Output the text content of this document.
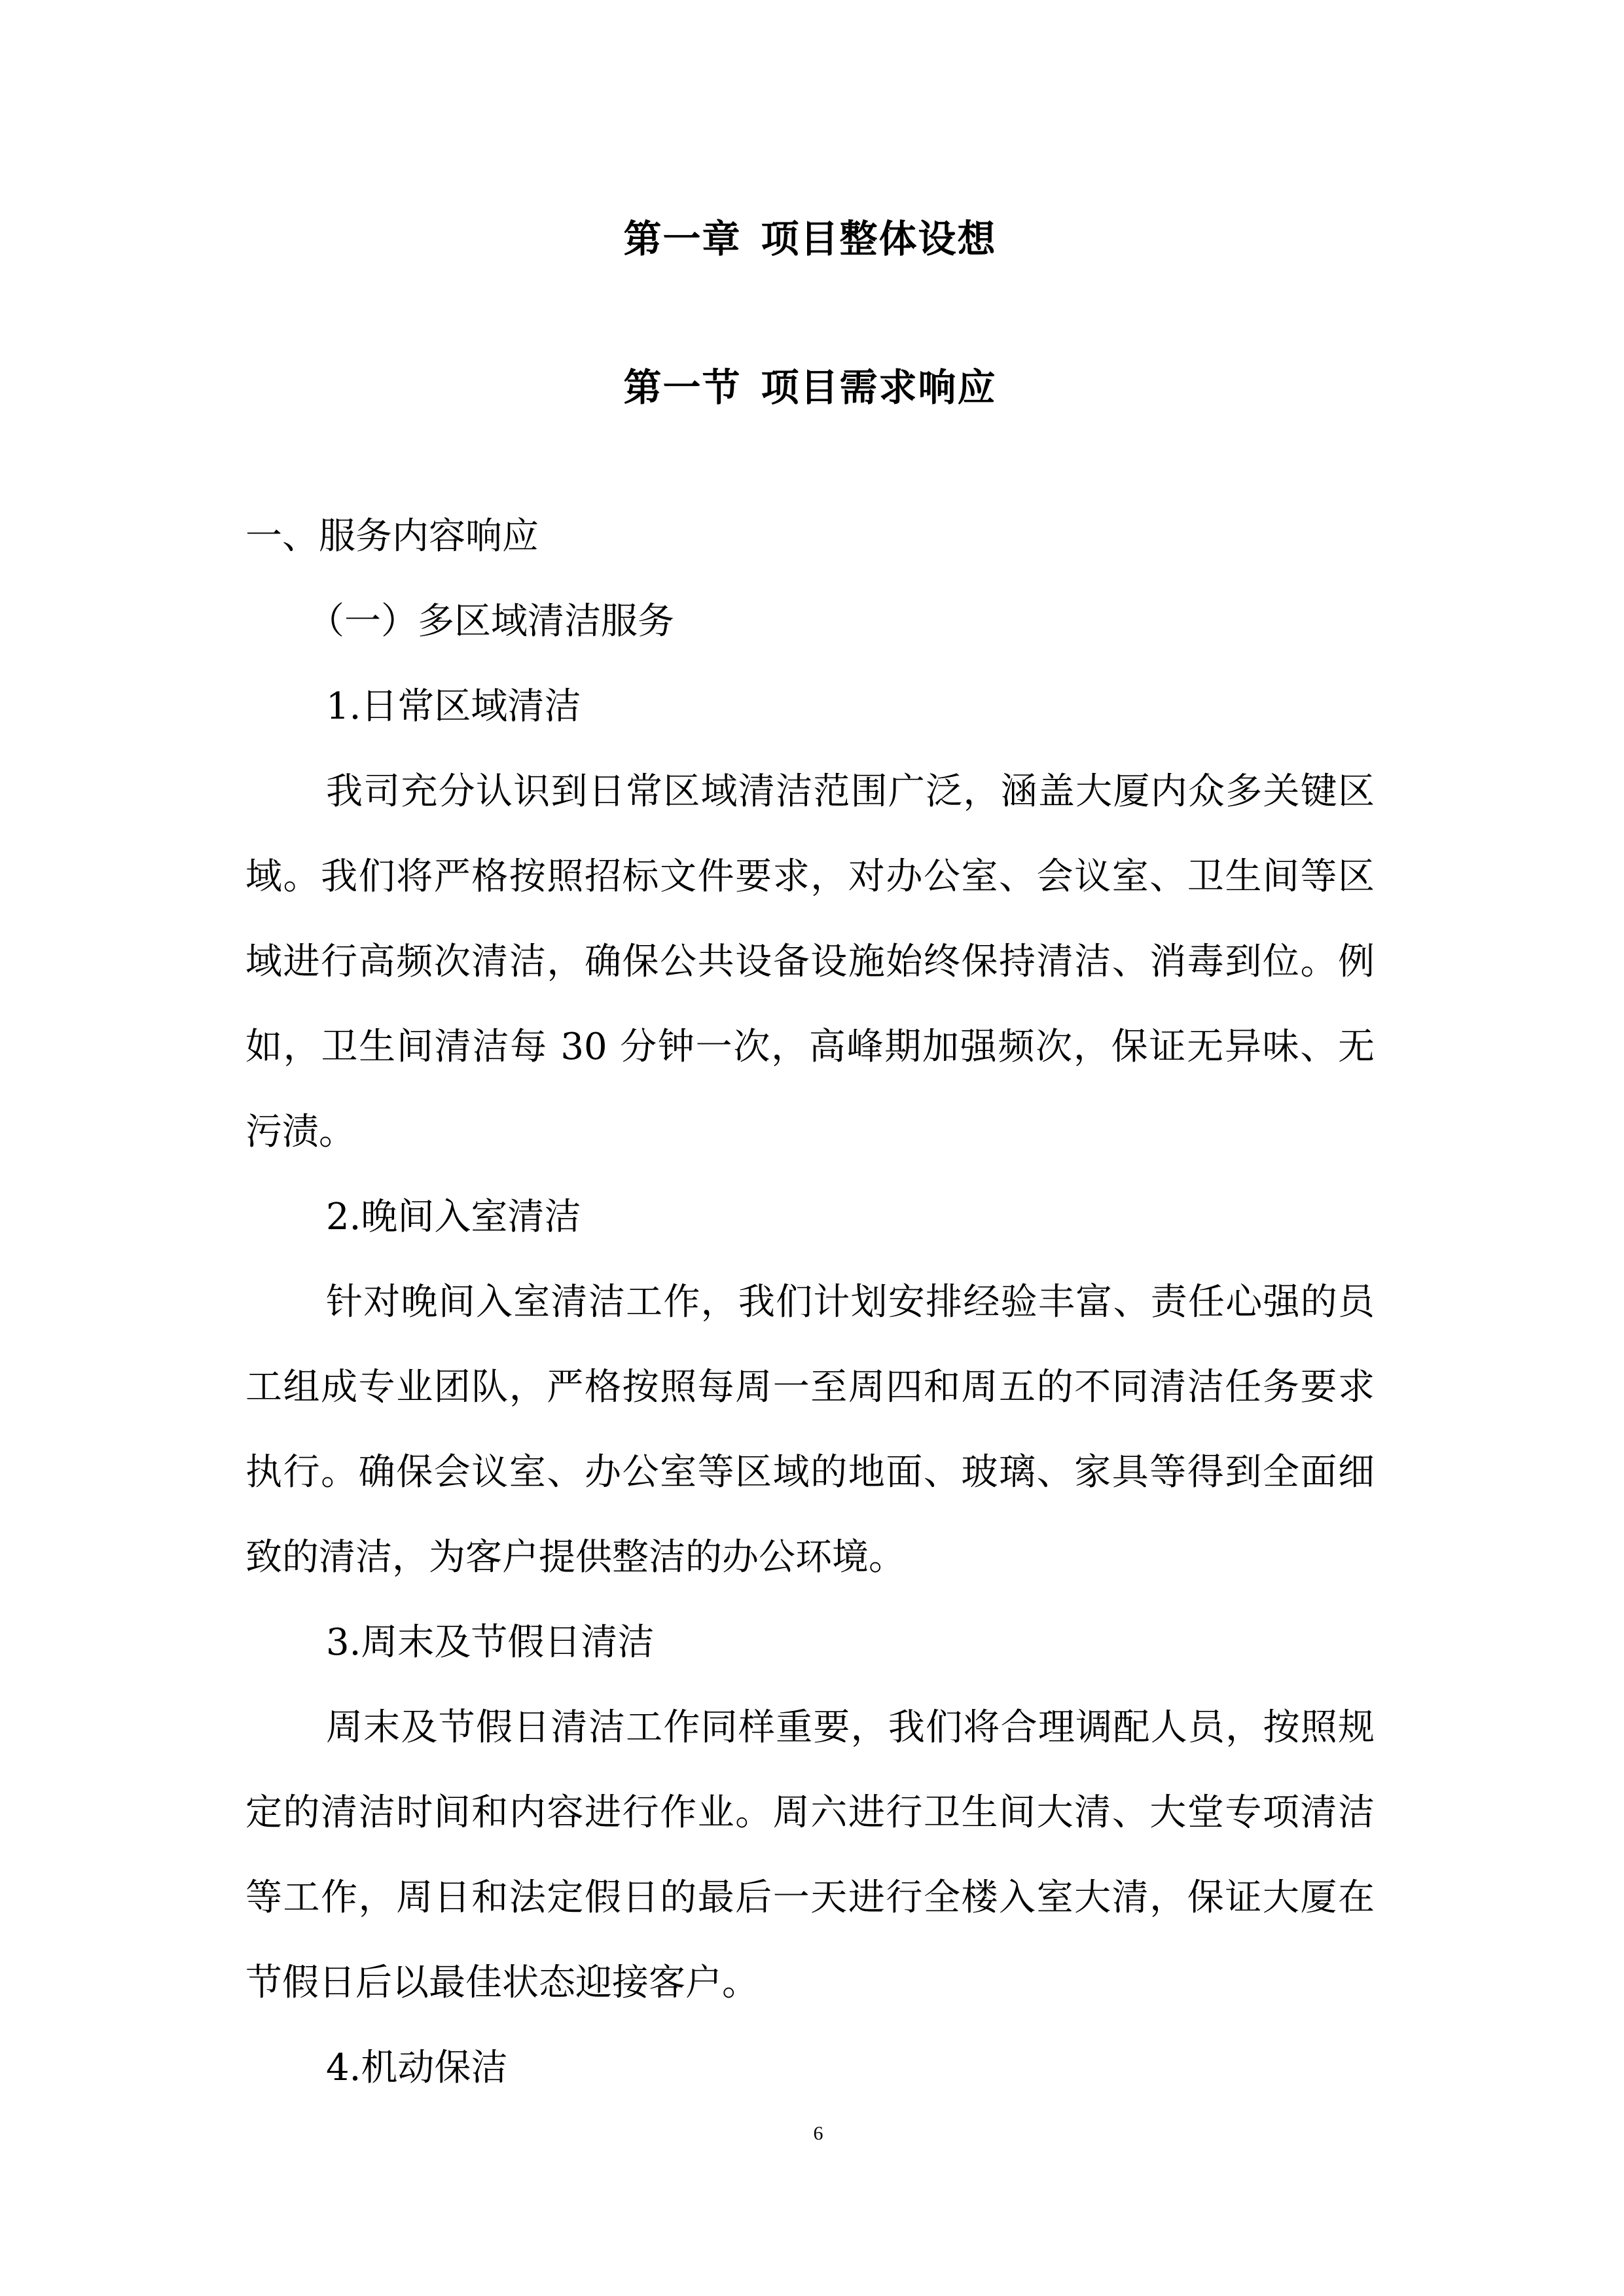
第一章 项目整体设想
第一节 项目需求响应
一、服务内容响应
（一）多区域清洁服务
1.日常区域清洁
我司充分认识到日常区域清洁范围广泛，涵盖大厦内众多关键区
域。我们将严格按照招标文件要求，对办公室、会议室、卫生间等区
域进行高频次清洁，确保公共设备设施始终保持清洁、消毒到位。例
如，卫生间清洁每 30 分钟一次，高峰期加强频次，保证无异味、无
污渍。
2.晚间入室清洁
针对晚间入室清洁工作，我们计划安排经验丰富、责任心强的员
工组成专业团队，严格按照每周一至周四和周五的不同清洁任务要求
执行。确保会议室、办公室等区域的地面、玻璃、家具等得到全面细
致的清洁，为客户提供整洁的办公环境。
3.周末及节假日清洁
周末及节假日清洁工作同样重要，我们将合理调配人员，按照规
定的清洁时间和内容进行作业。周六进行卫生间大清、大堂专项清洁
等工作，周日和法定假日的最后一天进行全楼入室大清，保证大厦在
节假日后以最佳状态迎接客户。
4.机动保洁
6
